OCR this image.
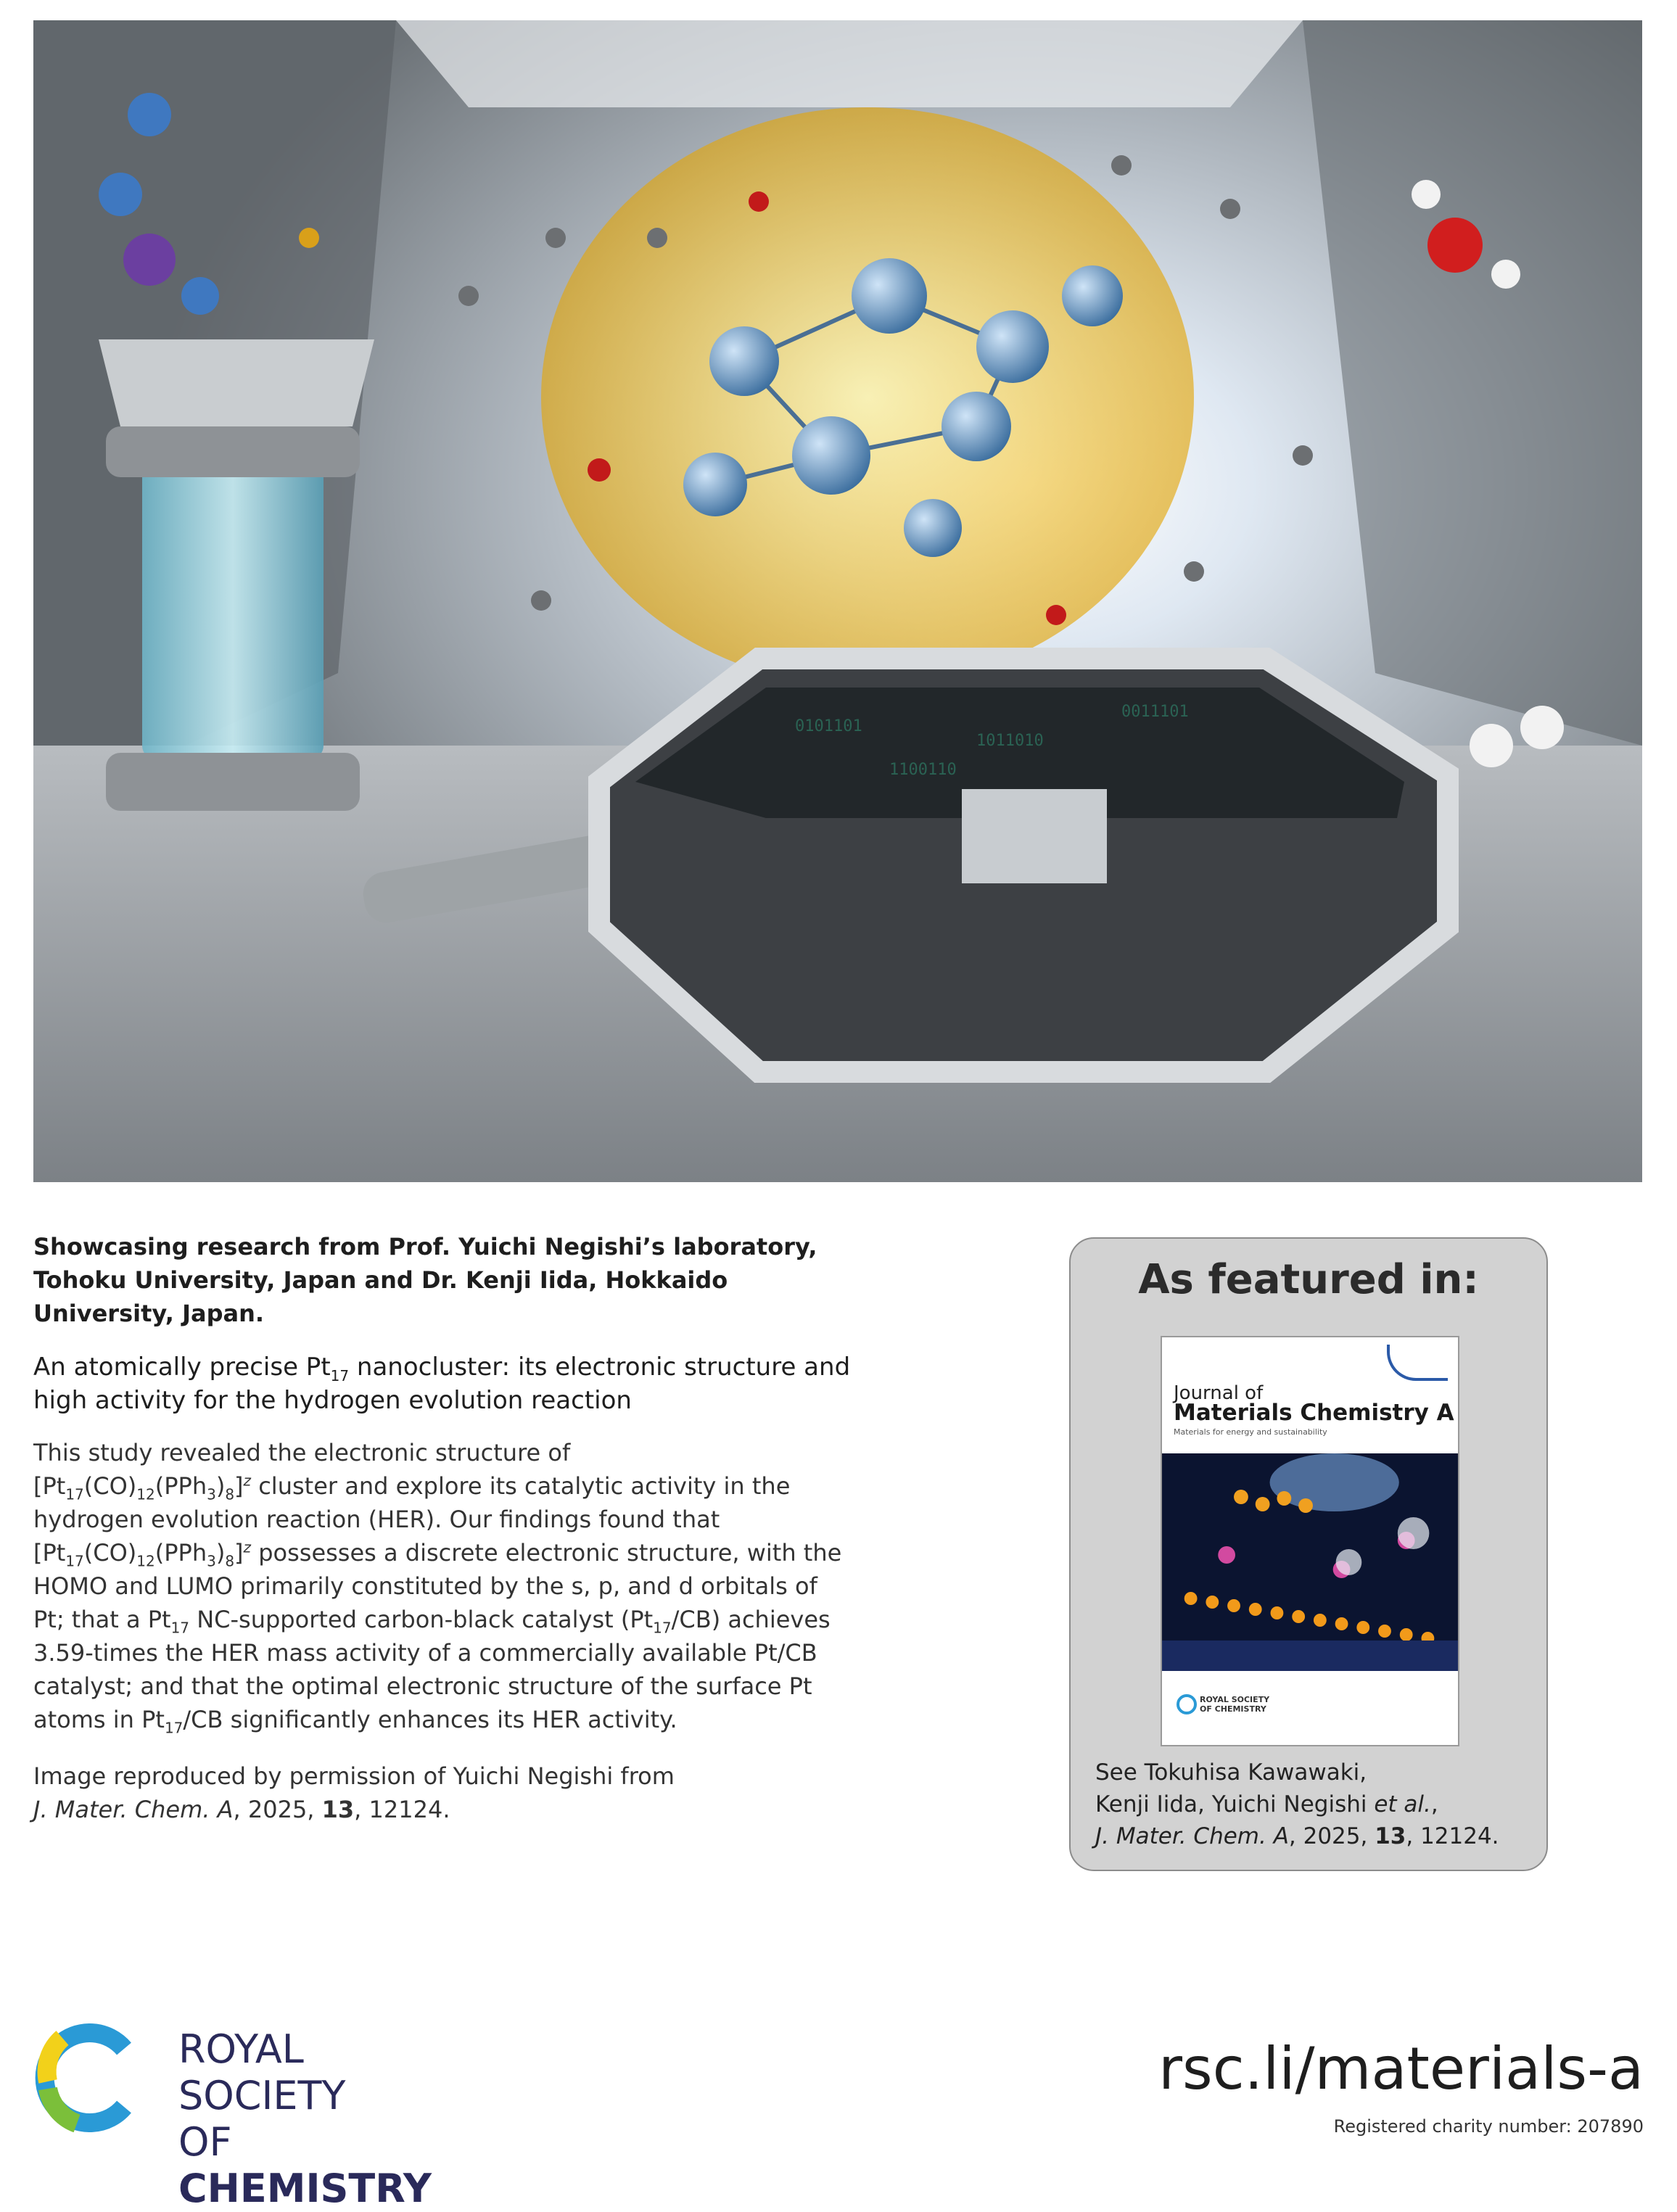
0101101
1011010
0011101
1100110

Showcasing research from Prof. Yuichi Negishi’s laboratory, Tohoku University, Japan and Dr. Kenji Iida, Hokkaido University, Japan.

An atomically precise $Pt_{17}$ nanocluster: its electronic structure and high activity for the hydrogen evolution reaction

This study revealed the electronic structure of
$[Pt_{17}(CO)_{12}(PPh_3)_8]^z$ cluster and explore its catalytic activity in the hydrogen evolution reaction (HER). Our findings found that $[Pt_{17}(CO)_{12}(PPh_3)_8]^z$ possesses a discrete electronic structure, with the HOMO and LUMO primarily constituted by the s, p, and d orbitals of Pt; that a $Pt_{17}$ NC-supported carbon-black catalyst $(Pt_{17}/CB)$ achieves 3.59-times the HER mass activity of a commercially available Pt/CB catalyst; and that the optimal electronic structure of the surface Pt atoms in $Pt_{17}/CB$ significantly enhances its HER activity.

Image reproduced by permission of Yuichi Negishi from
J. Mater. Chem. A, 2025, 13, 12124.

As featured in:
Journal of
Materials Chemistry A
Materials for energy and sustainability
ROYAL SOCIETY
OF CHEMISTRY
See Tokuhisa Kawawaki,
Kenji Iida, Yuichi Negishi et al.,
J. Mater. Chem. A, 2025, 13, 12124.
ROYAL SOCIETY
OF CHEMISTRY
rsc.li/materials-a
Registered charity number: 207890
